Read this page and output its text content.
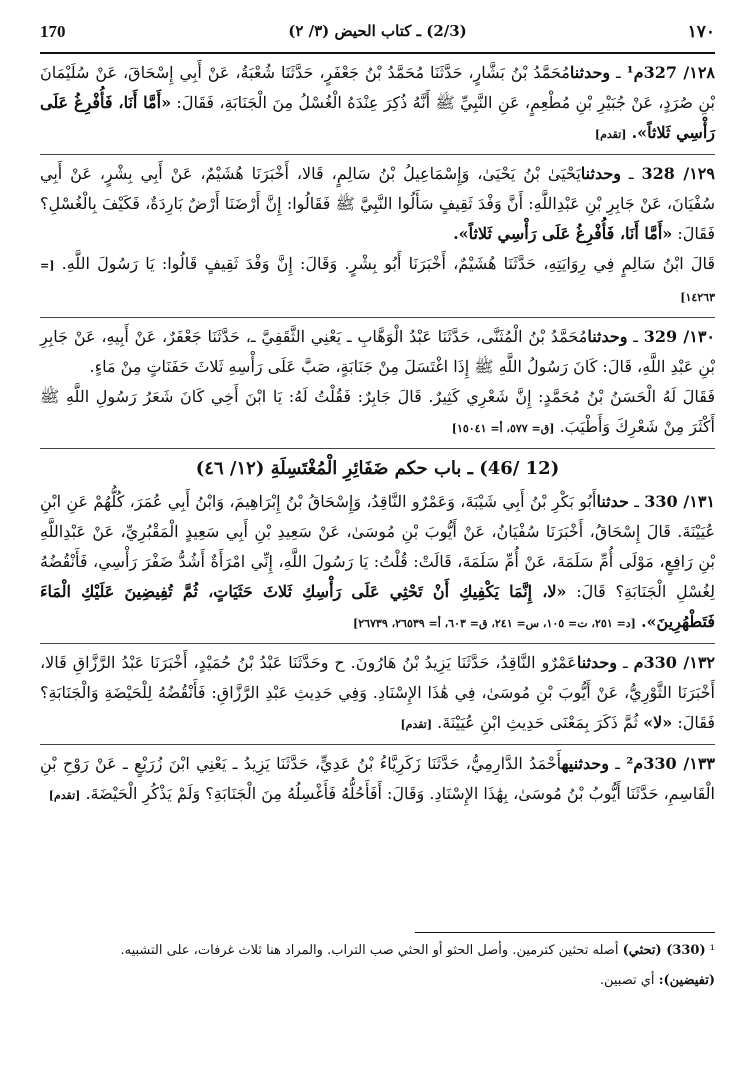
170	(2/3) ـ كتاب الحيض (٣/ ٢)	١٧٠

١٢٨/ 327م¹ ـ وحدثنامُحَمَّدُ بْنُ بَشَّارٍ، حَدَّثَنَا مُحَمَّدُ بْنُ جَعْفَرٍ، حَدَّثَنَا شُعْبَةُ، عَنْ أَبِي إِسْحَاقَ، عَنْ سُلَيْمَانَ بْنِ صُرَدٍ، عَنْ جُبَيْرِ بْنِ مُطْعِمٍ، عَنِ النَّبِيِّ ﷺ أَنَّهُ ذُكِرَ عِنْدَهُ الْغُسْلُ مِنَ الْجَنَابَةِ، فَقَالَ: «أَمَّا أَنَا، فَأُفْرِغُ عَلَى رَأْسِي ثَلاثاً». [تقدم]

١٢٩/ 328 ـ وحدثنايَحْيَىٰ بْنُ يَحْيَىٰ، وَإِسْمَاعِيلُ بْنُ سَالِمٍ، قَالا، أَخْبَرَنَا هُشَيْمٌ، عَنْ أَبِي بِشْرٍ، عَنْ أَبِي سُفْيَانَ، عَنْ جَابِرِ بْنِ عَبْدِاللَّهِ: أَنَّ وَفْدَ ثَقِيفٍ سَأَلُوا النَّبِيَّ ﷺ فَقَالُوا: إِنَّ أَرْضَنَا أَرْضٌ بَارِدَةٌ، فَكَيْفَ بِالْغُسْلِ؟ فَقَالَ: «أَمَّا أَنَا، فَأُفْرِغُ عَلَى رَأْسِي ثَلاثاً».

قَالَ ابْنُ سَالِمٍ فِي رِوَايَتِهِ، حَدَّثَنَا هُشَيْمٌ، أَخْبَرَنَا أَبُو بِشْرٍ. وَقَالَ: إِنَّ وَفْدَ ثَقِيفٍ قَالُوا: يَا رَسُولَ اللَّهِ. [= ١٤٢٦٣]

١٣٠/ 329 ـ وحدثنامُحَمَّدُ بْنُ الْمُثَنَّى، حَدَّثَنَا عَبْدُ الْوَهَّابِ ـ يَعْنِي الثَّقَفِيَّ ـ، حَدَّثَنَا جَعْفَرٌ، عَنْ أَبِيهِ، عَنْ جَابِرِ بْنِ عَبْدِ اللَّهِ، قَالَ: كَانَ رَسُولُ اللَّهِ ﷺ إِذَا اغْتَسَلَ مِنْ جَنَابَةٍ، صَبَّ عَلَى رَأْسِهِ ثَلاثَ حَفَنَاتٍ مِنْ مَاءٍ.

فَقَالَ لَهُ الْحَسَنُ بْنُ مُحَمَّدٍ: إِنَّ شَعْرِي كَثِيرٌ. قَالَ جَابِرٌ: فَقُلْتُ لَهُ: يَا ابْنَ أَخِي كَانَ شَعَرُ رَسُولِ اللَّهِ ﷺ أَكْثَرَ مِنْ شَعْرِكَ وَأَطْيَبَ. [ق= ٥٧٧، أ= ١٥٠٤١]

(12 /46) ـ باب حكم ضَفَائِرِ الْمُغْتَسِلَةِ (١٢/ ٤٦)

١٣١/ 330 ـ حدثناأَبُو بَكْرِ بْنُ أَبِي شَيْبَةَ، وَعَمْرٌو النَّاقِدُ، وَإِسْحَاقُ بْنُ إِبْرَاهِيمَ، وَابْنُ أَبِي عُمَرَ، كُلُّهُمْ عَنِ ابْنِ عُيَيْنَةَ. قَالَ إِسْحَاقُ، أَخْبَرَنَا سُفْيَانُ، عَنْ أَيُّوبَ بْنِ مُوسَىٰ، عَنْ سَعِيدِ بْنِ أَبِي سَعِيدٍ الْمَقْبُرِيِّ، عَنْ عَبْدِاللَّهِ بْنِ رَافِعٍ، مَوْلَى أُمِّ سَلَمَةَ، عَنْ أُمِّ سَلَمَةَ، قَالَتْ: قُلْتُ: يَا رَسُولَ اللَّهِ، إِنِّي امْرَأَةٌ أَشُدُّ ضَفْرَ رَأْسِي، فَأَنْقُضُهُ لِغُسْلِ الْجَنَابَةِ؟ قَالَ: «لا، إِنَّمَا يَكْفِيكِ أَنْ تَحْثِي عَلَى رَأْسِكِ ثَلاثَ حَثَيَاتٍ، ثُمَّ تُفِيضِينَ عَلَيْكِ الْمَاءَ فَتَطْهُرِينَ». [د= ٢٥١، ت= ١٠٥، س= ٢٤١، ق= ٦٠٣، أ= ٢٦٥٣٩، ٢٦٧٣٩]

١٣٢/ 330م ـ وحدثناعَمْرٌو النَّاقِدُ، حَدَّثَنَا يَزِيدُ بْنُ هَارُونَ. ح وحَدَّثَنَا عَبْدُ بْنُ حُمَيْدٍ، أَخْبَرَنَا عَبْدُ الرَّزَّاقِ قَالا، أَخْبَرَنَا الثَّوْرِيُّ، عَنْ أَيُّوبَ بْنِ مُوسَىٰ، فِي هَٰذَا الإِسْنَادِ. وَفِي حَدِيثِ عَبْدِ الرَّزَّاقِ: فَأَنْقُضُهُ لِلْحَيْضَةِ وَالْجَنَابَةِ؟ فَقَالَ: «لا» ثُمَّ ذَكَرَ بِمَعْنَى حَدِيثِ ابْنِ عُيَيْنَةَ. [تقدم]

١٣٣/ 330م² ـ وحدثنيهأَحْمَدُ الدَّارِمِيُّ، حَدَّثَنَا زَكَرِيَّاءُ بْنُ عَدِيٍّ، حَدَّثَنَا يَزِيدُ ـ يَعْنِي ابْنَ زُرَيْعٍ ـ عَنْ رَوْحِ بْنِ الْقَاسِمِ، حَدَّثَنَا أَيُّوبُ بْنُ مُوسَىٰ، بِهَٰذَا الإِسْنَادِ. وَقَالَ: أَفَأَحُلُّهُ فَأَغْسِلُهُ مِنَ الْجَنَابَةِ؟ وَلَمْ يَذْكُرِ الْحَيْضَةَ. [تقدم]

¹ (330) (تحثي) أصله تحثين كترمين. وأصل الحثو أو الحثي صب التراب. والمراد هنا ثلاث غرفات، على التشبيه.

(تفيضين): أي تصبين.
